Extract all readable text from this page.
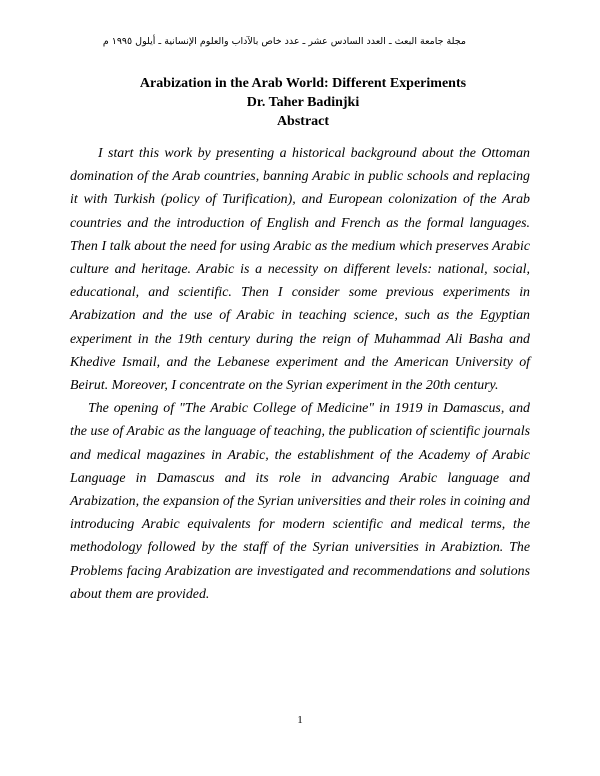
مجلة جامعة البعث ـ العدد السادس عشر ـ عدد خاص بالآداب والعلوم الإنسانية ـ أيلول ١٩٩٥ م
Arabization in the Arab World: Different Experiments
Dr. Taher Badinjki
Abstract

I start this work by presenting a historical background about the Ottoman domination of the Arab countries, banning Arabic in public schools and replacing it with Turkish (policy of Turification), and European colonization of the Arab countries and the introduction of English and French as the formal languages. Then I talk about the need for using Arabic as the medium which preserves Arabic culture and heritage. Arabic is a necessity on different levels: national, social, educational, and scientific. Then I consider some previous experiments in Arabization and the use of Arabic in teaching science, such as the Egyptian experiment in the 19th century during the reign of Muhammad Ali Basha and Khedive Ismail, and the Lebanese experiment and the American University of Beirut. Moreover, I concentrate on the Syrian experiment in the 20th century.

The opening of "The Arabic College of Medicine" in 1919 in Damascus, and the use of Arabic as the language of teaching, the publication of scientific journals and medical magazines in Arabic, the establishment of the Academy of Arabic Language in Damascus and its role in advancing Arabic language and Arabization, the expansion of the Syrian universities and their roles in coining and introducing Arabic equivalents for modern scientific and medical terms, the methodology followed by the staff of the Syrian universities in Arabiztion. The Problems facing Arabization are investigated and recommendations and solutions about them are provided.

1
